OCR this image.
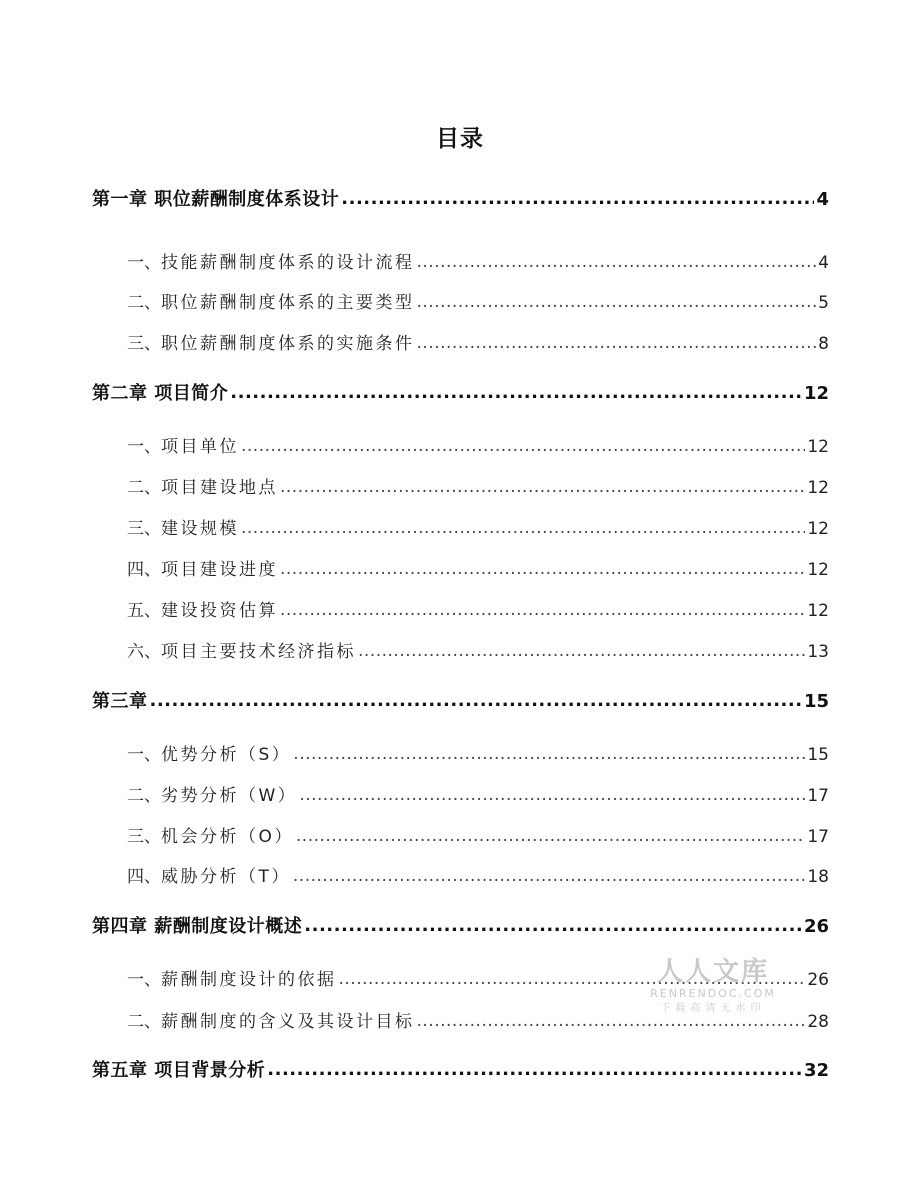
目录
第一章 职位薪酬制度体系设计 .....	4
一、 技能薪酬制度体系的设计流程 .....	4
二、 职位薪酬制度体系的主要类型 .....	5
三、 职位薪酬制度体系的实施条件 .....	8
第二章 项目简介 .....	12
一、 项目单位 .....	12
二、 项目建设地点 .....	12
三、 建设规模 .....	12
四、 项目建设进度 .....	12
五、 建设投资估算 .....	12
六、 项目主要技术经济指标 .....	13
第三章 .....	15
一、 优势分析（S） .....	15
二、 劣势分析（W） .....	17
三、 机会分析（O） .....	17
四、 威胁分析（T） .....	18
第四章 薪酬制度设计概述 .....	26
一、 薪酬制度设计的依据 .....	26
二、 薪酬制度的含义及其设计目标 .....	28
第五章 项目背景分析 .....	32
人人文库
RENRENDOC.COM
下载高清无水印
